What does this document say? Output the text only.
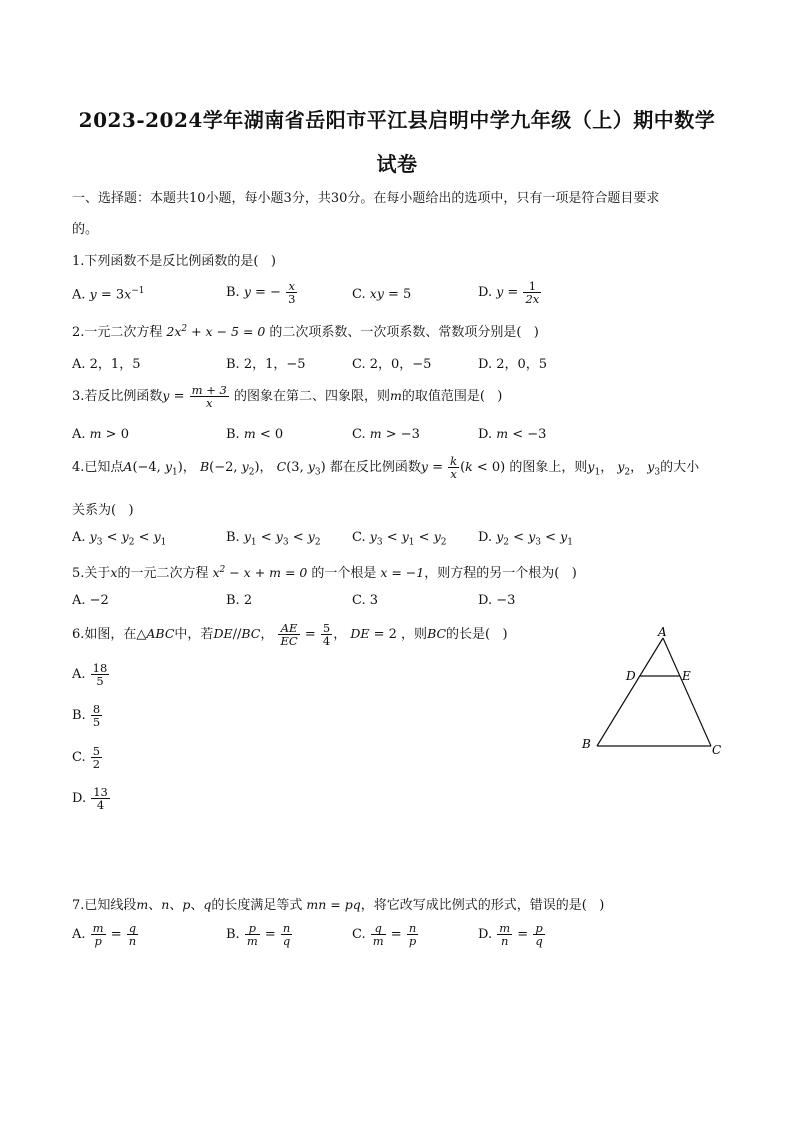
2023-2024学年湖南省岳阳市平江县启明中学九年级（上）期中数学
试卷
一、选择题：本题共10小题，每小题3分，共30分。在每小题给出的选项中，只有一项是符合题目要求
的。
1.下列函数不是反比例函数的是(   )
A. $y = 3x^{-1}$	B. y = − $\frac{x}{3}$	C. xy = 5	D. $y = \frac{1}{2x}$
2.一元二次方程 $2x^2 + x - 5 = 0$ 的二次项系数、一次项系数、常数项分别是(   )
A. 2，1，5	B. 2，1，−5	C. 2，0，−5	D. 2，0，5
3.若反比例函数$y = \frac{m + 3}{x}$ 的图象在第二、四象限，则m的取值范围是(   )
A. m > 0	B. m < 0	C. m > −3	D. m < −3
4.已知点A(−4, $y_1$)， B(−2, $y_2$)， C(3, $y_3$) 都在反比例函数$y = \frac{k}{x} (k < 0)$ 的图象上，则$y_1$， $y_2$， $y_3$的大小
关系为(   )
A. $y_3 < y_2 < y_1$	B. $y_1 < y_3 < y_2$ C. $y_3 < y_1 < y_2$ D. $y_2 < y_3 < y_1$
5.关于x的一元二次方程 $x^2 - x + m = 0$ 的一个根是 x = −1，则方程的另一个根为(   )
A. −2	B. 2	C. 3	D. −3
6.如图，在△ABC中，若DE//BC， $\frac{AE}{EC} = \frac{5}{4}$ ， DE = 2 ，则BC的长是(   )
A. $\frac{18}{5}$
B. $\frac{8}{5}$
C. $\frac{5}{2}$
D. $\frac{13}{4}$
A
D	E
B	C
7.已知线段m、n、p、q的长度满足等式 mn = pq，将它改写成比例式的形式，错误的是(   )
A. $\frac{m}{p} = \frac{q}{n}$	B. $\frac{p}{m} = \frac{n}{q}$	C. $\frac{q}{m} = \frac{n}{p}$	D. $\frac{m}{n} = \frac{p}{q}$
